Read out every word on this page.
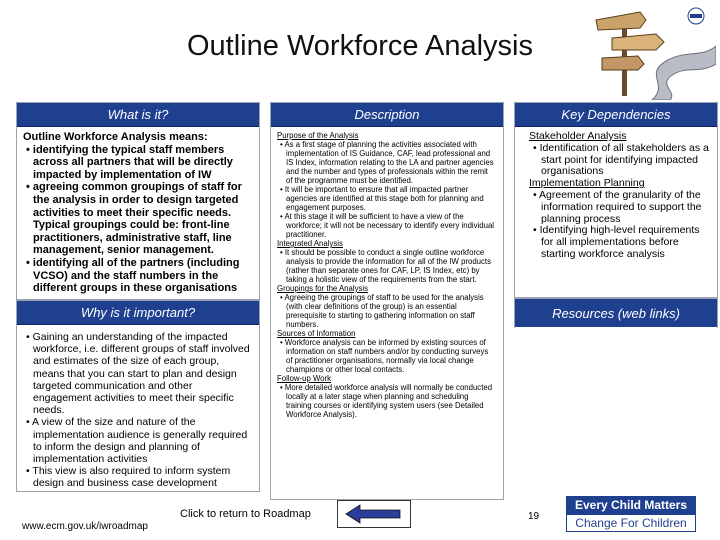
Outline Workforce Analysis
What is it?
Outline Workforce Analysis means:
• identifying the typical staff members across all partners that will be directly impacted by implementation of IW
• agreeing common groupings of staff for the analysis in order to design targeted activities to meet their specific needs. Typical groupings could be: front-line practitioners, administrative staff, line management, senior management.
• identifying all of the partners (including VCSO) and the staff numbers in the different groups in these organisations
Why is it important?
• Gaining an understanding of the impacted workforce, i.e. different groups of staff involved and estimates of the size of each group, means that you can start to plan and design targeted communication and other engagement activities to meet their specific needs.
• A view of the size and nature of the implementation audience is generally required to inform the design and planning of implementation activities
• This view is also required to inform system design and business case development
Description
Purpose of the Analysis
• As a first stage of planning the activities associated with implementation of IS Guidance, CAF, lead professional and IS Index, information relating to the LA and partner agencies and the number and types of professionals within the remit of the programme must be identified.
• It will be important to ensure that all impacted partner agencies are identified at this stage both for planning and engagement purposes.
• At this stage it will be sufficient to have a view of the workforce; it will not be necessary to identify every individual practitioner.
Integrated Analysis
• It should be possible to conduct a single outline workforce analysis to provide the information for all of the IW products (rather than separate ones for CAF, LP, IS Index, etc) by taking a holistic view of the requirements from the start.
Groupings for the Analysis
• Agreeing the groupings of staff to be used for the analysis (with clear definitions of the group) is an essential prerequisite to starting to gathering information on staff numbers.
Sources of Information
• Workforce analysis can be informed by existing sources of information on staff numbers and/or by conducting surveys of practitioner organisations, normally via local change champions or other local contacts.
Follow-up Work
• More detailed workforce analysis will normally be conducted locally at a later stage when planning and scheduling training courses or identifying system users (see Detailed Workforce Analysis).
Key Dependencies
Stakeholder Analysis
• Identification of all stakeholders as a start point for identifying impacted organisations
Implementation Planning
• Agreement of the granularity of the information required to support the planning process
• Identifying high-level requirements for all implementations before starting workforce analysis
Resources (web links)
www.ecm.gov.uk/iwroadmap
Click to return to Roadmap	19
Every Child Matters
Change For Children
